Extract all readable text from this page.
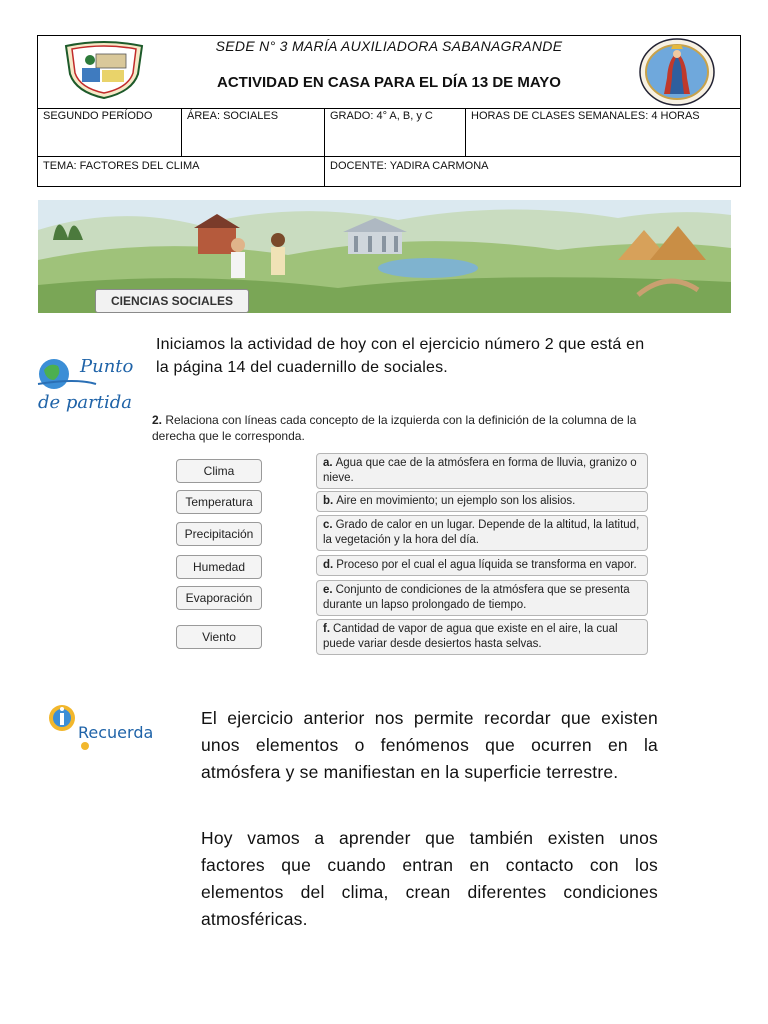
SEDE N° 3 MARÍA AUXILIADORA SABANAGRANDE
ACTIVIDAD EN CASA PARA EL DÍA 13 DE MAYO
SEGUNDO PERÍODO	ÁREA: SOCIALES	GRADO: 4° A, B, y C	HORAS DE CLASES SEMANALES: 4 HORAS
TEMA: FACTORES DEL CLIMA	DOCENTE: YADIRA CARMONA
CIENCIAS SOCIALES
Punto
de partida
Iniciamos la actividad de hoy con el ejercicio número 2 que está en la página 14 del cuadernillo de sociales.
2. Relaciona con líneas cada concepto de la izquierda con la definición de la columna de la derecha que le corresponda.
Clima
Temperatura
Precipitación
Humedad
Evaporación
Viento
a. Agua que cae de la atmósfera en forma de lluvia, granizo o nieve.
b. Aire en movimiento; un ejemplo son los alisios.
c. Grado de calor en un lugar. Depende de la altitud, la latitud, la vegetación y la hora del día.
d. Proceso por el cual el agua líquida se transforma en vapor.
e. Conjunto de condiciones de la atmósfera que se presenta durante un lapso prolongado de tiempo.
f. Cantidad de vapor de agua que existe en el aire, la cual puede variar desde desiertos hasta selvas.
Recuerda
El ejercicio anterior nos permite recordar que existen unos elementos o fenómenos que ocurren en la atmósfera y se manifiestan en la superficie terrestre.
Hoy vamos a aprender que también existen unos factores que cuando entran en contacto con los elementos del clima, crean diferentes condiciones atmosféricas.
